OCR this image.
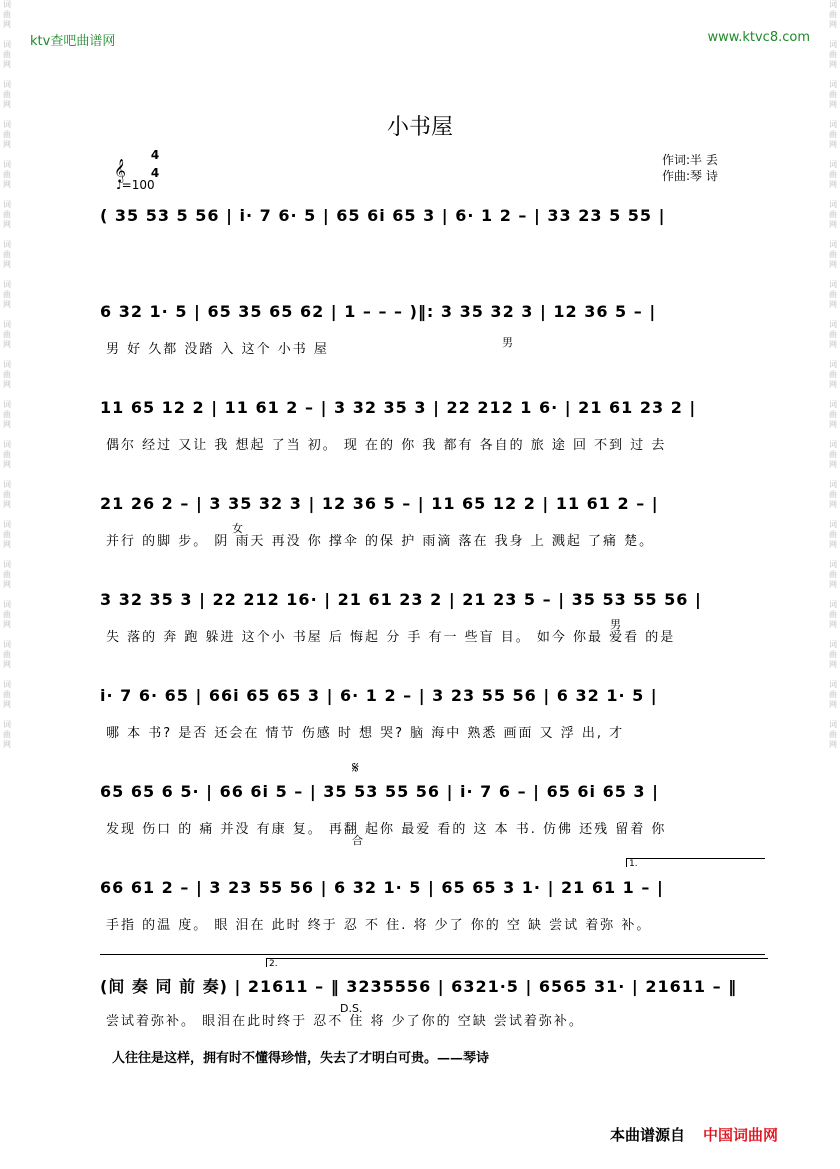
词曲网

词曲网

词曲网

词曲网

词曲网

词曲网

词曲网

词曲网

词曲网

词曲网

词曲网

词曲网

词曲网

词曲网

词曲网

词曲网

词曲网

词曲网

词曲网
词曲网

词曲网

词曲网

词曲网

词曲网

词曲网

词曲网

词曲网

词曲网

词曲网

词曲网

词曲网

词曲网

词曲网

词曲网

词曲网

词曲网

词曲网

词曲网
ktv查吧曲谱网	www.ktvc8.com
小书屋
4
4
𝄞
♩=100
作词:半 丢
作曲:琴 诗
( 35 53 5 56 | i· 7 6· 5 | 65 6i 65 3 | 6· 1 2 – | 33 23 5 55 |
6 32 1· 5 | 65 35 65 62 | 1 – – – )‖: 3 35 32 3 | 12 36 5 – |
男 好 久都 没踏 入 这个 小书 屋
11 65 12 2 | 11 61 2 – | 3 32 35 3 | 22 212 1 6· | 21 61 23 2 |
偶尔 经过 又让 我 想起 了当 初。 现 在的 你 我 都有 各自的 旅 途 回 不到 过 去
21 26 2 – | 3 35 32 3 | 12 36 5 – | 11 65 12 2 | 11 61 2 – |
并行 的脚 步。 阴 雨天 再没 你 撑伞 的保 护 雨滴 落在 我身 上 溅起 了痛 楚。
女
3 32 35 3 | 22 212 16· | 21 61 23 2 | 21 23 5 – | 35 53 55 56 |
失 落的 奔 跑 躲进 这个小 书屋 后 悔起 分 手 有一 些盲 目。 如今 你最 爱看 的是
男
i· 7 6· 65 | 66i 65 65 3 | 6· 1 2 – | 3 23 55 56 | 6 32 1· 5 |
哪 本 书? 是否 还会在 情节 伤感 时 想 哭? 脑 海中 熟悉 画面 又 浮 出, 才
𝄋
65 65 6 5· | 66 6i 5 – | 35 53 55 56 | i· 7 6 – | 65 6i 65 3 |
发现 伤口 的 痛 并没 有康 复。 再翻 起你 最爱 看的 这 本 书. 仿佛 还残 留着 你
合
1.
66 61 2 – | 3 23 55 56 | 6 32 1· 5 | 65 65 3 1· | 21 61 1 – |
手指 的温 度。 眼 泪在 此时 终于 忍 不 住. 将 少了 你的 空 缺 尝试 着弥 补。
2.
(间 奏 同 前 奏) | 21611 – ‖ 3235556 | 6321·5 | 6565 31· | 21611 – ‖
尝试着弥补。 眼泪在此时终于 忍不 住 将 少了你的 空缺 尝试着弥补。
D.S.
男
人往往是这样，拥有时不懂得珍惜，失去了才明白可贵。——琴诗
本曲谱源自 中国词曲网
